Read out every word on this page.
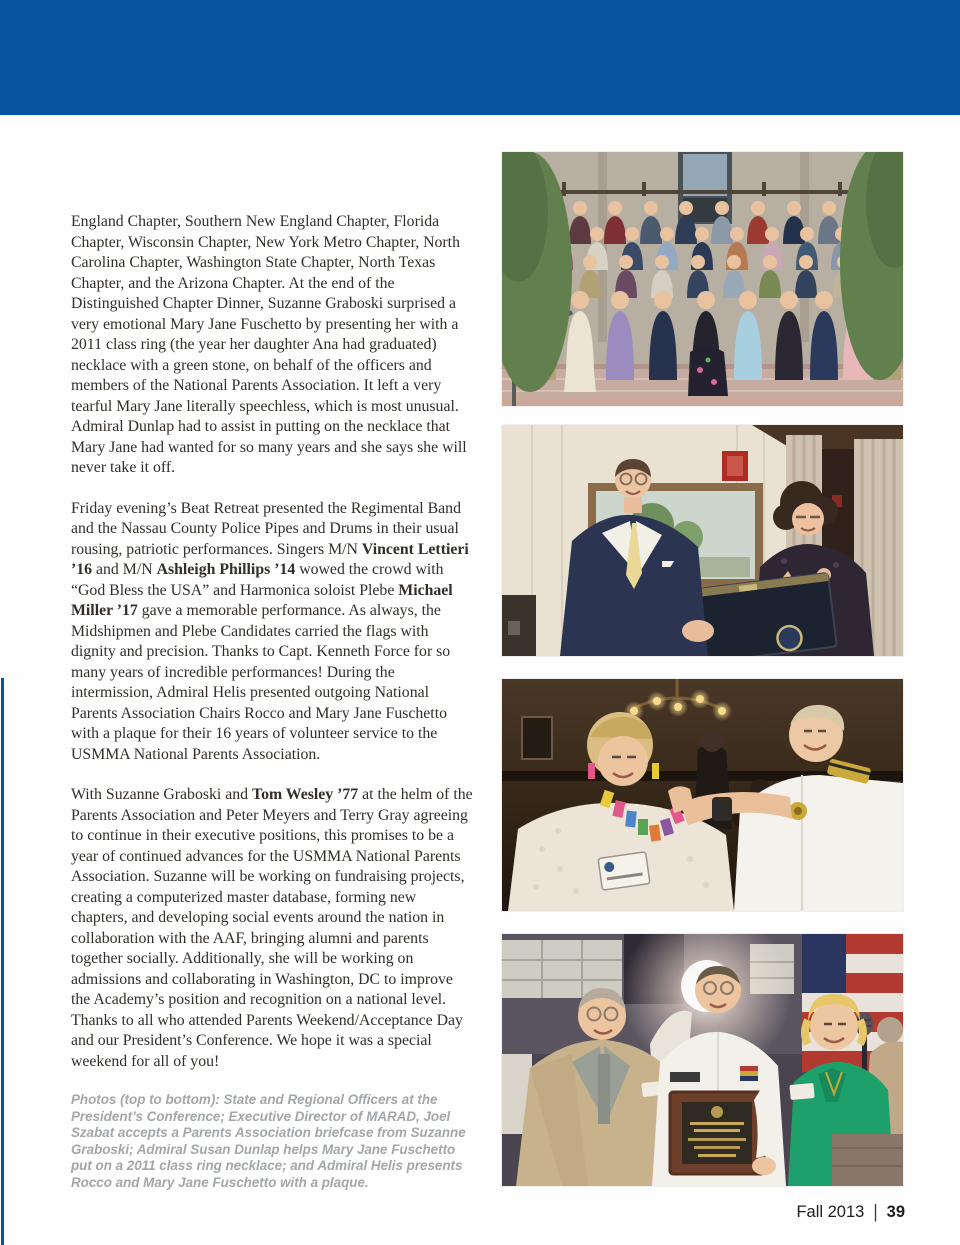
England Chapter, Southern New England Chapter, Florida Chapter, Wisconsin Chapter, New York Metro Chapter, North Carolina Chapter, Washington State Chapter, North Texas Chapter, and the Arizona Chapter. At the end of the Distinguished Chapter Dinner, Suzanne Graboski surprised a very emotional Mary Jane Fuschetto by presenting her with a 2011 class ring (the year her daughter Ana had graduated) necklace with a green stone, on behalf of the officers and members of the National Parents Association. It left a very tearful Mary Jane literally speechless, which is most unusual. Admiral Dunlap had to assist in putting on the necklace that Mary Jane had wanted for so many years and she says she will never take it off.

Friday evening’s Beat Retreat presented the Regimental Band and the Nassau County Police Pipes and Drums in their usual rousing, patriotic performances. Singers M/N Vincent Lettieri ’16 and M/N Ashleigh Phillips ’14 wowed the crowd with “God Bless the USA” and Harmonica soloist Plebe Michael Miller ’17 gave a memorable performance. As always, the Midshipmen and Plebe Candidates carried the flags with dignity and precision. Thanks to Capt. Kenneth Force for so many years of incredible performances! During the intermission, Admiral Helis presented outgoing National Parents Association Chairs Rocco and Mary Jane Fuschetto with a plaque for their 16 years of volunteer service to the USMMA National Parents Association.

With Suzanne Graboski and Tom Wesley ’77 at the helm of the Parents Association and Peter Meyers and Terry Gray agreeing to continue in their executive positions, this promises to be a year of continued advances for the USMMA National Parents Association. Suzanne will be working on fundraising projects, creating a computerized master database, forming new chapters, and developing social events around the nation in collaboration with the AAF, bringing alumni and parents together socially. Additionally, she will be working on admissions and collaborating in Washington, DC to improve the Academy’s position and recognition on a national level. Thanks to all who attended Parents Weekend/Acceptance Day and our President’s Conference. We hope it was a special weekend for all of you!

Photos (top to bottom): State and Regional Officers at the President’s Conference; Executive Director of MARAD, Joel Szabat accepts a Parents Association briefcase from Suzanne Graboski; Admiral Susan Dunlap helps Mary Jane Fuschetto put on a 2011 class ring necklace; and Admiral Helis presents Rocco and Mary Jane Fuschetto with a plaque.

Fall 2013 | 39
